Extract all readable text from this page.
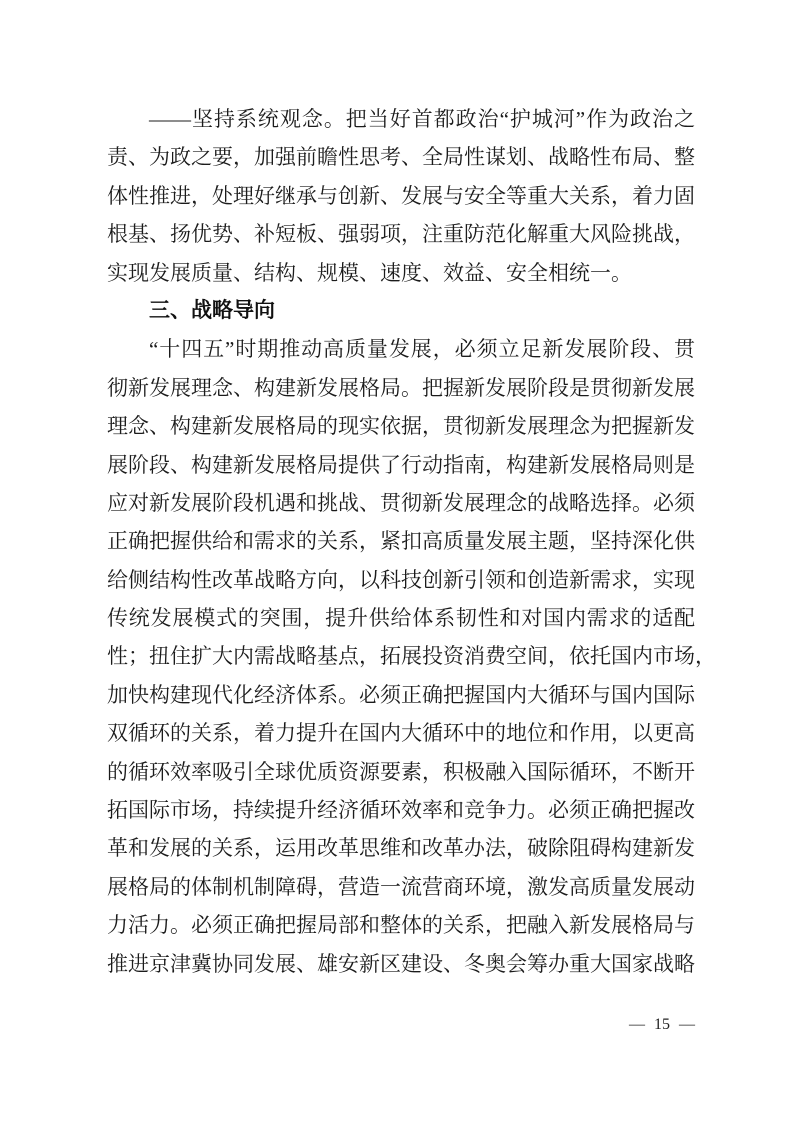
——坚持系统观念。把当好首都政治“护城河”作为政治之
责、为政之要，加强前瞻性思考、全局性谋划、战略性布局、整
体性推进，处理好继承与创新、发展与安全等重大关系，着力固
根基、扬优势、补短板、强弱项，注重防范化解重大风险挑战，
实现发展质量、结构、规模、速度、效益、安全相统一。
三、战略导向
“十四五”时期推动高质量发展，必须立足新发展阶段、贯
彻新发展理念、构建新发展格局。把握新发展阶段是贯彻新发展
理念、构建新发展格局的现实依据，贯彻新发展理念为把握新发
展阶段、构建新发展格局提供了行动指南，构建新发展格局则是
应对新发展阶段机遇和挑战、贯彻新发展理念的战略选择。必须
正确把握供给和需求的关系，紧扣高质量发展主题，坚持深化供
给侧结构性改革战略方向，以科技创新引领和创造新需求，实现
传统发展模式的突围，提升供给体系韧性和对国内需求的适配
性；扭住扩大内需战略基点，拓展投资消费空间，依托国内市场，
加快构建现代化经济体系。必须正确把握国内大循环与国内国际
双循环的关系，着力提升在国内大循环中的地位和作用，以更高
的循环效率吸引全球优质资源要素，积极融入国际循环，不断开
拓国际市场，持续提升经济循环效率和竞争力。必须正确把握改
革和发展的关系，运用改革思维和改革办法，破除阻碍构建新发
展格局的体制机制障碍，营造一流营商环境，激发高质量发展动
力活力。必须正确把握局部和整体的关系，把融入新发展格局与
推进京津冀协同发展、雄安新区建设、冬奥会筹办重大国家战略
— 15 —
